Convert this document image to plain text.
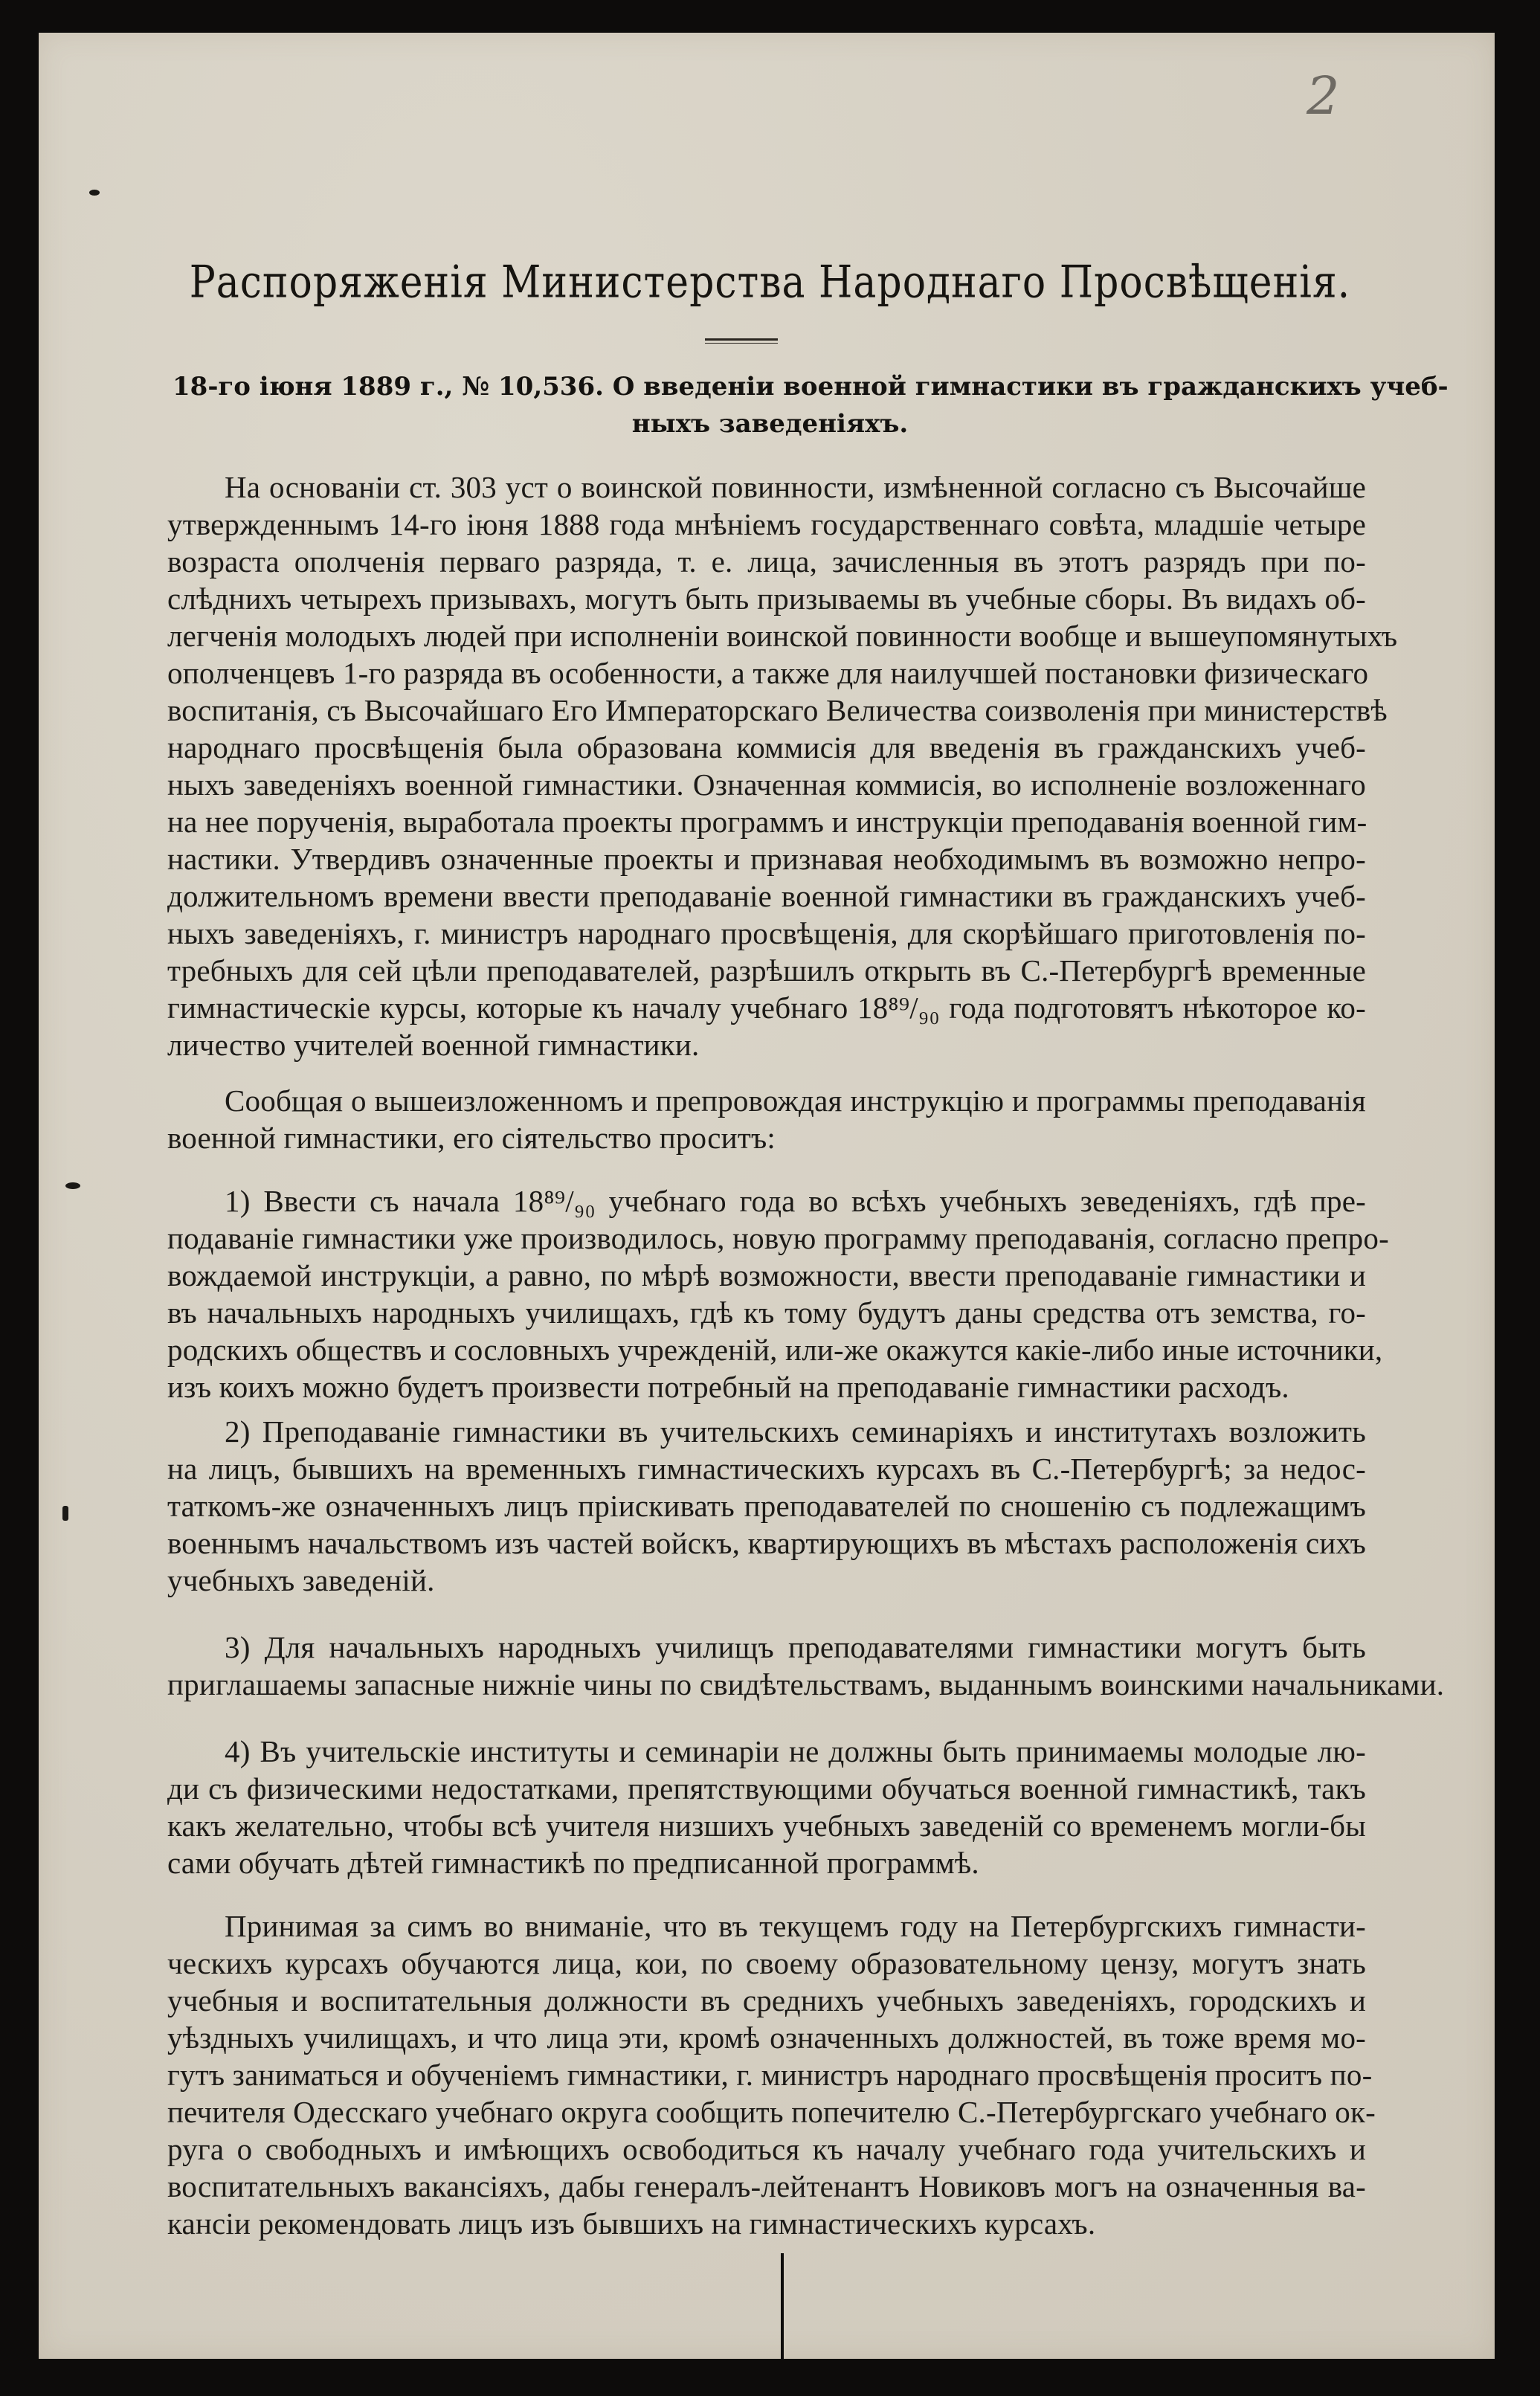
2
Распоряженія Министерства Народнаго Просвѣщенія.
18-го іюня 1889 г., № 10,536. О введеніи военной гимнастики въ гражданскихъ учеб-
ныхъ заведеніяхъ.
На основаніи ст. 303 уст о воинской повинности, измѣненной согласно съ Высочайше
утвержденнымъ 14-го іюня 1888 года мнѣніемъ государственнаго совѣта, младшіе четыре
возраста ополченія перваго разряда, т. е. лица, зачисленныя въ этотъ разрядъ при по-
слѣднихъ четырехъ призывахъ, могутъ быть призываемы въ учебные сборы. Въ видахъ об-
легченія молодыхъ людей при исполненіи воинской повинности вообще и вышеупомянутыхъ
ополченцевъ 1-го разряда въ особенности, а также для наилучшей постановки физическаго
воспитанія, съ Высочайшаго Его Императорскаго Величества соизволенія при министерствѣ
народнаго просвѣщенія была образована коммисія для введенія въ гражданскихъ учеб-
ныхъ заведеніяхъ военной гимнастики. Означенная коммисія, во исполненіе возложеннаго
на нее порученія, выработала проекты программъ и инструкціи преподаванія военной гим-
настики. Утвердивъ означенные проекты и признавая необходимымъ въ возможно непро-
должительномъ времени ввести преподаваніе военной гимнастики въ гражданскихъ учеб-
ныхъ заведеніяхъ, г. министръ народнаго просвѣщенія, для скорѣйшаго приготовленія по-
требныхъ для сей цѣли преподавателей, разрѣшилъ открыть въ С.-Петербургѣ временные
гимнастическіе курсы, которые къ началу учебнаго 18⁸⁹/₉₀ года подготовятъ нѣкоторое ко-
личество учителей военной гимнастики.
Сообщая о вышеизложенномъ и препровождая инструкцію и программы преподаванія
военной гимнастики, его сіятельство проситъ:
1) Ввести съ начала 18⁸⁹/₉₀ учебнаго года во всѣхъ учебныхъ зеведеніяхъ, гдѣ пре-
подаваніе гимнастики уже производилось, новую программу преподаванія, согласно препро-
вождаемой инструкціи, а равно, по мѣрѣ возможности, ввести преподаваніе гимнастики и
въ начальныхъ народныхъ училищахъ, гдѣ къ тому будутъ даны средства отъ земства, го-
родскихъ обществъ и сословныхъ учрежденій, или-же окажутся какіе-либо иные источники,
изъ коихъ можно будетъ произвести потребный на преподаваніе гимнастики расходъ.
2) Преподаваніе гимнастики въ учительскихъ семинаріяхъ и институтахъ возложить
на лицъ, бывшихъ на временныхъ гимнастическихъ курсахъ въ С.-Петербургѣ; за недос-
таткомъ-же означенныхъ лицъ пріискивать преподавателей по сношенію съ подлежащимъ
военнымъ начальствомъ изъ частей войскъ, квартирующихъ въ мѣстахъ расположенія сихъ
учебныхъ заведеній.
3) Для начальныхъ народныхъ училищъ преподавателями гимнастики могутъ быть
приглашаемы запасные нижніе чины по свидѣтельствамъ, выданнымъ воинскими начальниками.
4) Въ учительскіе институты и семинаріи не должны быть принимаемы молодые лю-
ди съ физическими недостатками, препятствующими обучаться военной гимнастикѣ, такъ
какъ желательно, чтобы всѣ учителя низшихъ учебныхъ заведеній со временемъ могли-бы
сами обучать дѣтей гимнастикѣ по предписанной программѣ.
Принимая за симъ во вниманіе, что въ текущемъ году на Петербургскихъ гимнасти-
ческихъ курсахъ обучаются лица, кои, по своему образовательному цензу, могутъ знать
учебныя и воспитательныя должности въ среднихъ учебныхъ заведеніяхъ, городскихъ и
уѣздныхъ училищахъ, и что лица эти, кромѣ означенныхъ должностей, въ тоже время мо-
гутъ заниматься и обученіемъ гимнастики, г. министръ народнаго просвѣщенія проситъ по-
печителя Одесскаго учебнаго округа сообщить попечителю С.-Петербургскаго учебнаго ок-
руга о свободныхъ и имѣющихъ освободиться къ началу учебнаго года учительскихъ и
воспитательныхъ вакансіяхъ, дабы генералъ-лейтенантъ Новиковъ могъ на означенныя ва-
кансіи рекомендовать лицъ изъ бывшихъ на гимнастическихъ курсахъ.
